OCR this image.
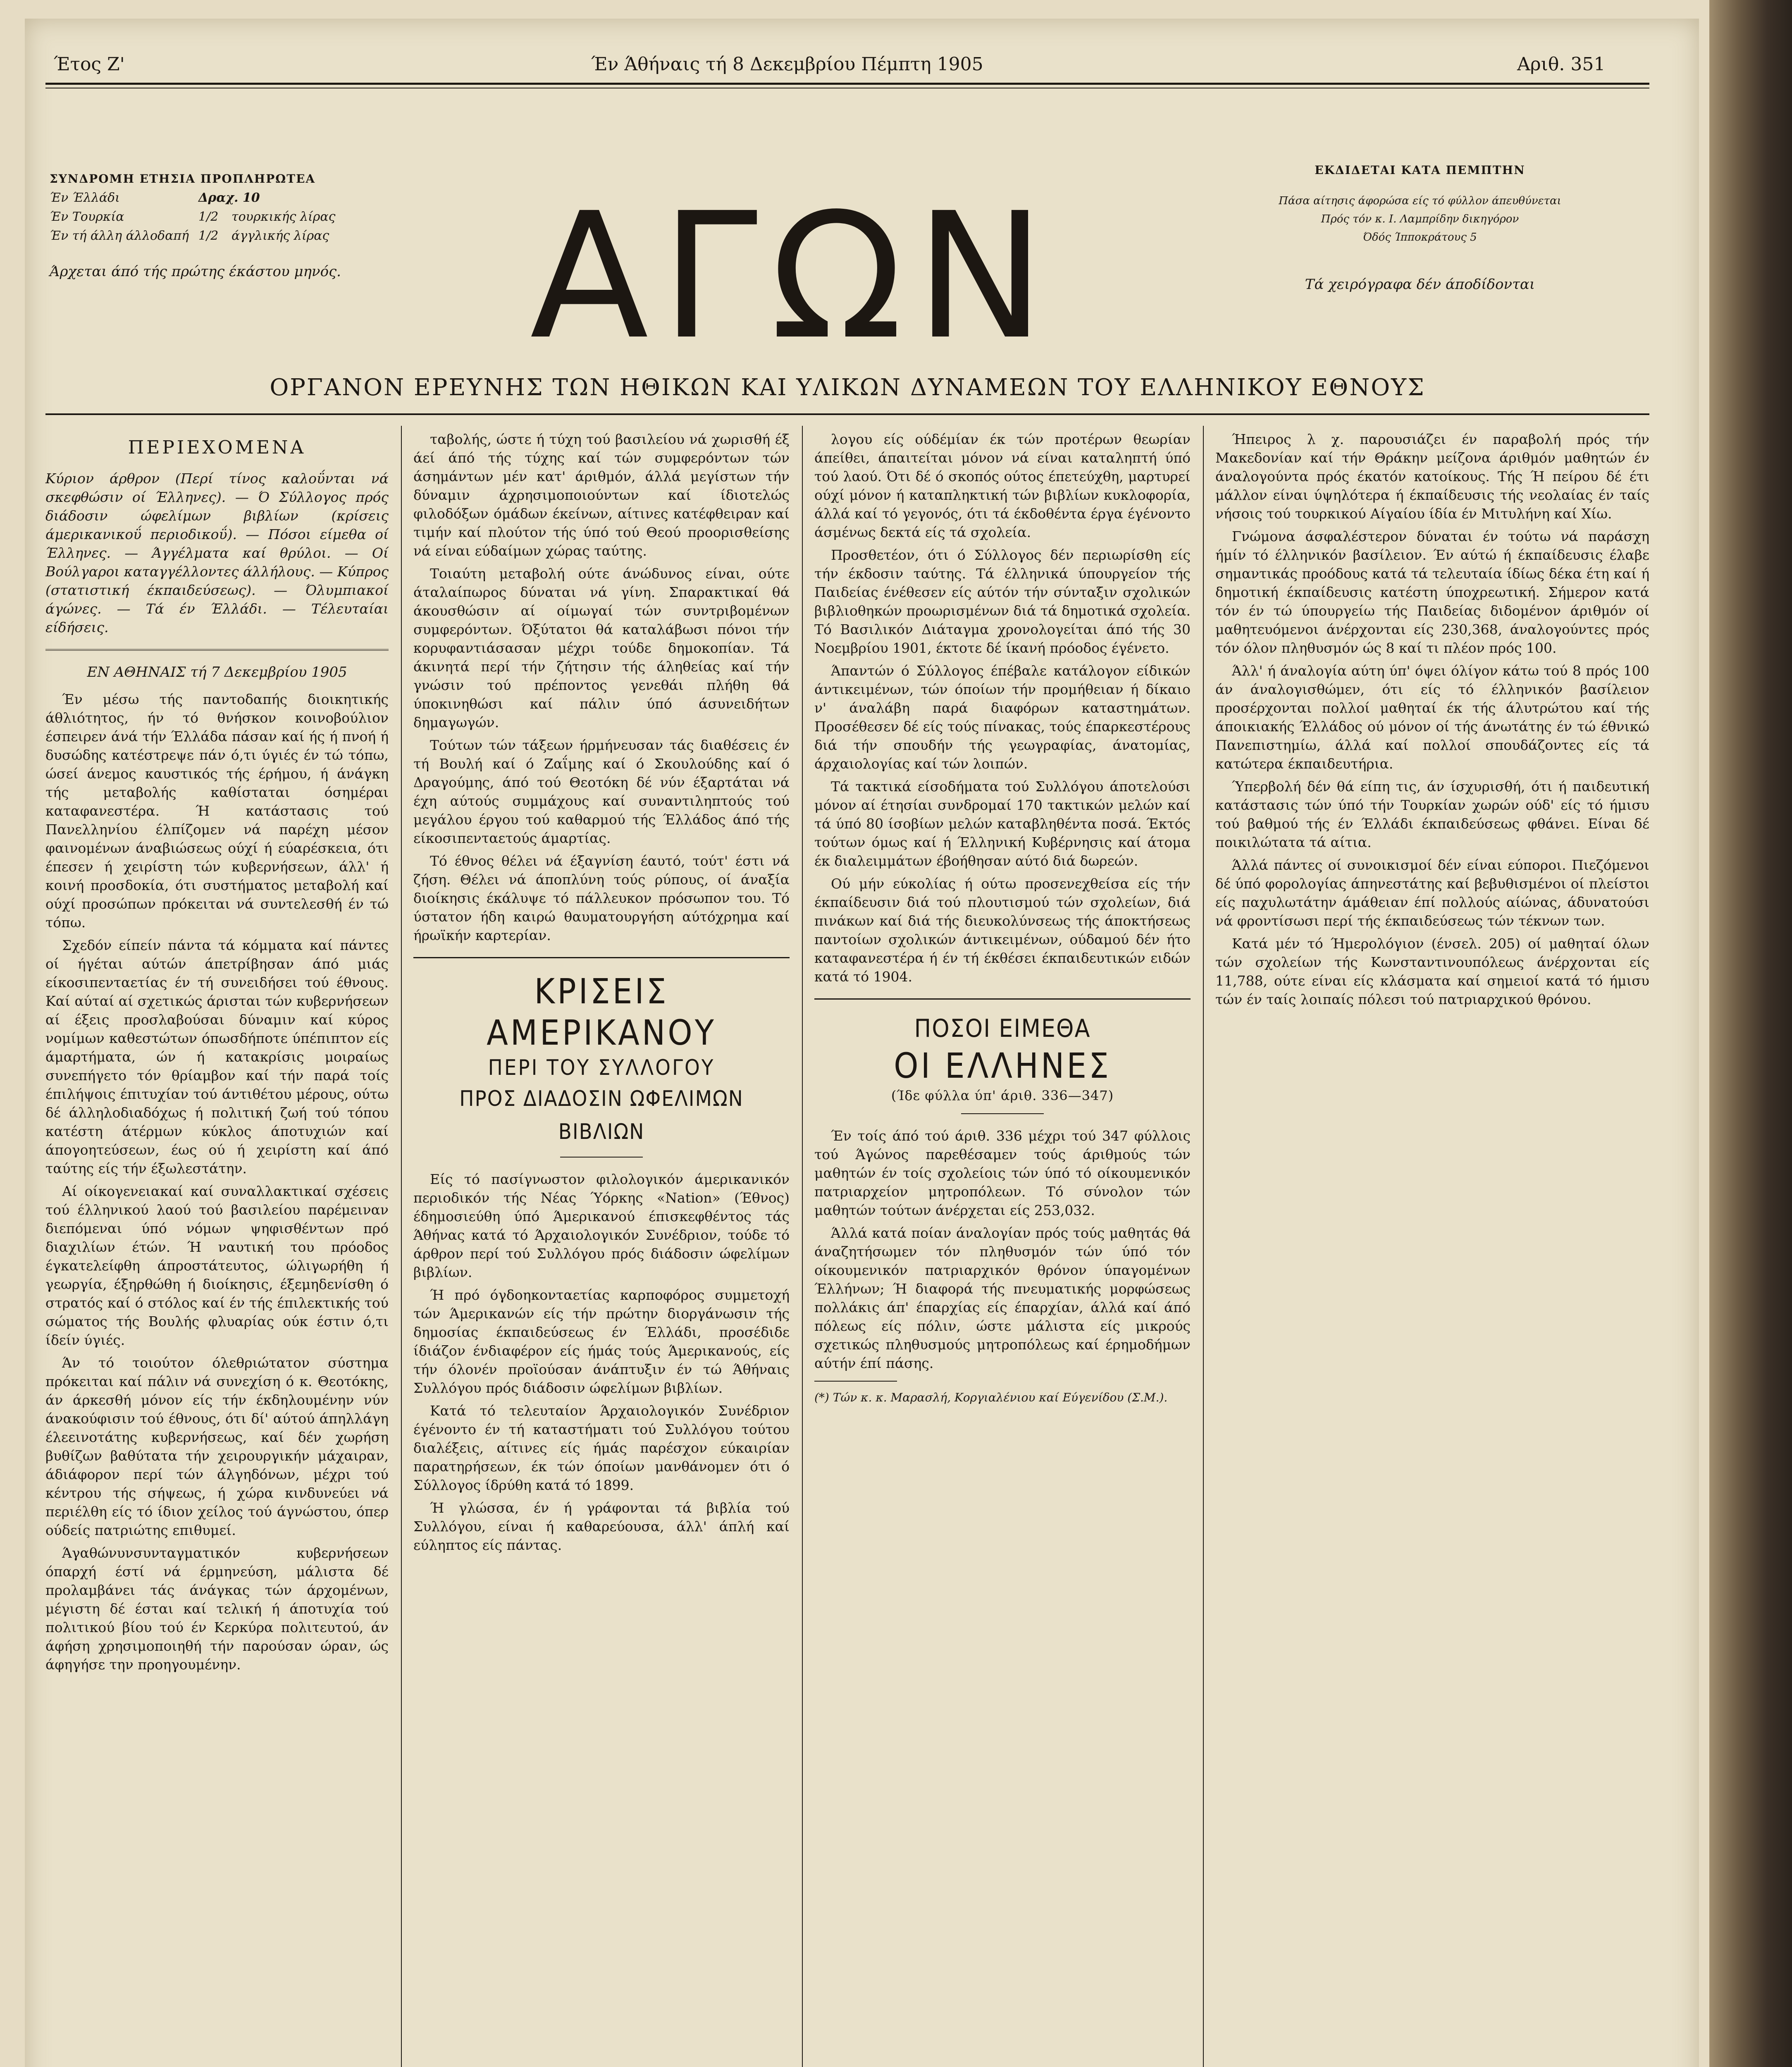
Έτος Ζ'	Έν Άθήναις τή 8 Δεκεμβρίου Πέμπτη 1905	Αριθ. 351
ΣΥΝΔΡΟΜΗ ΕΤΗΣΙΑ ΠΡΟΠΛΗΡΩΤΕΑ
Έν Έλλάδι	Δραχ. 10
Έν Τουρκία	1/2	τουρκικής λίρας
Έν τή άλλη άλλοδαπή 1/2	άγγλικής λίρας
Άρχεται άπό τής πρώτης έκάστου μηνός.	ΑΓΩΝ
ΕΚΔΙΔΕΤΑΙ ΚΑΤΑ ΠΕΜΠΤΗΝ
Πάσα αίτησις άφορώσα είς τό φύλλον άπευθύνεται
Πρός τόν κ. Ι. Λαμπρίδην δικηγόρον
Όδός Ίπποκράτους 5
Τά χειρόγραφα δέν άποδίδονται
ΟΡΓΑΝΟΝ ΕΡΕΥΝΗΣ ΤΩΝ ΗΘΙΚΩΝ ΚΑΙ ΥΛΙΚΩΝ ΔΥΝΑΜΕΩΝ ΤΟΥ ΕΛΛΗΝΙΚΟΥ ΕΘΝΟΥΣ
ΠΕΡΙΕΧΟΜΕΝΑ
Κύριον άρθρον (Περί τίνος καλοΰνται νά σκεφθώσιν οί Έλληνες). — Ό Σύλλογος πρός διάδοσιν ώφελίμων βιβλίων (κρίσεις άμερικανικοΰ περιοδικοΰ). — Πόσοι είμεθα οί Έλληνες. — Άγγέλματα καί θρύλοι. — Οί Βούλγαροι καταγγέλλοντες άλλήλους. — Κύπρος (στατιστική έκπαιδεύσεως). — Όλυμπιακοί άγώνες. — Τά έν Έλλάδι. — Τέλευταίαι είδήσεις.
ΕΝ ΑΘΗΝΑΙΣ τή 7 Δεκεμβρίου 1905

Έν μέσω τής παντοδαπής διοικητικής άθλιότητος, ήν τό θνήσκον κοινοβούλιον έσπειρεν άνά τήν Έλλάδα πάσαν καί ής ή πνοή ή δυσώδης κατέστρεψε πάν ό,τι ύγιές έν τώ τόπω, ώσεί άνεμος καυστικός τής έρήμου, ή άνάγκη τής μεταβολής καθίσταται όσημέραι καταφανεστέρα. Ή κατάστασις τού Πανελληνίου έλπίζομεν νά παρέχη μέσον φαινομένων άναβιώσεως ούχί ή εύαρέσκεια, ότι έπεσεν ή χειρίστη τών κυβερνήσεων, άλλ' ή κοινή προσδοκία, ότι συστήματος μεταβολή καί ούχί προσώπων πρόκειται νά συντελεσθή έν τώ τόπω.

Σχεδόν είπείν πάντα τά κόμματα καί πάντες οί ήγέται αύτών άπετρίβησαν άπό μιάς είκοσιπενταετίας έν τή συνειδήσει τού έθνους. Καί αύταί αί σχετικώς άρισται τών κυβερνήσεων αί έξεις προσλαβούσαι δύναμιν καί κύρος νομίμων καθεστώτων όπωσδήποτε ύπέπιπτον είς άμαρτήματα, ών ή κατακρίσις μοιραίως συνεπήγετο τόν θρίαμβον καί τήν παρά τοίς έπιλήψοις έπιτυχίαν τού άντιθέτου μέρους, ούτω δέ άλληλοδιαδόχως ή πολιτική ζωή τού τόπου κατέστη άτέρμων κύκλος άποτυχιών καί άπογοητεύσεων, έως ού ή χειρίστη καί άπό ταύτης είς τήν έξωλεστάτην.

Αί οίκογενειακαί καί συναλλακτικαί σχέσεις τού έλληνικού λαού τού βασιλείου παρέμειναν διεπόμεναι ύπό νόμων ψηφισθέντων πρό διαχιλίων έτών. Ή ναυτική του πρόοδος έγκατελείφθη άπροστάτευτος, ώλιγωρήθη ή γεωργία, έξηρθώθη ή διοίκησις, έξεμηδενίσθη ό στρατός καί ό στόλος καί έν τής έπιλεκτικής τού σώματος τής Βουλής φλυαρίας ούκ έστιν ό,τι ίδείν ύγιές.

Άν τό τοιούτον όλεθριώτατον σύστημα πρόκειται καί πάλιν νά συνεχίση ό κ. Θεοτόκης, άν άρκεσθή μόνον είς τήν έκδηλουμένην νύν άνακούφισιν τού έθνους, ότι δί' αύτού άπηλλάγη έλεεινοτάτης κυβερνήσεως, καί δέν χωρήση βυθίζων βαθύτατα τήν χειρουργικήν μάχαιραν, άδιάφορον περί τών άλγηδόνων, μέχρι τού κέντρου τής σήψεως, ή χώρα κινδυνεύει νά περιέλθη είς τό ίδιον χείλος τού άγνώστου, όπερ ούδείς πατριώτης επιθυμεί.

Άγαθώνυνσυνταγματικόν κυβερνήσεων όπαρχή έστί νά έρμηνεύση, μάλιστα δέ προλαμβάνει τάς άνάγκας τών άρχομένων, μέγιστη δέ έσται καί τελική ή άποτυχία τού πολιτικού βίου τού έν Κερκύρα πολιτευτού, άν άφήση χρησιμοποιηθή τήν παρούσαν ώραν, ώς άφηγήσε την προηγουμένην.

ταβολής, ώστε ή τύχη τού βασιλείου νά χωρισθή έξ άεί άπό τής τύχης καί τών συμφερόντων τών άσημάντων μέν κατ' άριθμόν, άλλά μεγίστων τήν δύναμιν άχρησιμοποιούντων καί ίδιοτελώς φιλοδόξων όμάδων έκείνων, αίτινες κατέφθειραν καί τιμήν καί πλούτον τής ύπό τού Θεού προορισθείσης νά είναι εύδαίμων χώρας ταύτης.

Τοιαύτη μεταβολή ούτε άνώδυνος είναι, ούτε άταλαίπωρος δύναται νά γίνη. Σπαρακτικαί θά άκουσθώσιν αί οίμωγαί τών συντριβομένων συμφερόντων. Όξύτατοι θά καταλάβωσι πόνοι τήν κορυφαντιάσασαν μέχρι τούδε δημοκοπίαν. Τά άκινητά περί τήν ζήτησιν τής άληθείας καί τήν γνώσιν τού πρέποντος γενεθάι πλήθη θά ύποκινηθώσι καί πάλιν ύπό άσυνειδήτων δημαγωγών.

Τούτων τών τάξεων ήρμήνευσαν τάς διαθέσεις έν τή Βουλή καί ό Ζαΐμης καί ό Σκουλούδης καί ό Δραγούμης, άπό τού Θεοτόκη δέ νύν έξαρτάται νά έχη αύτούς συμμάχους καί συναντιληπτούς τού μεγάλου έργου τού καθαρμού τής Έλλάδος άπό τής είκοσιπενταετούς άμαρτίας.

Τό έθνος θέλει νά έξαγνίση έαυτό, τούτ' έστι νά ζήση. Θέλει νά άποπλύνη τούς ρύπους, οί άναξία διοίκησις έκάλυψε τό πάλλευκον πρόσωπον του. Τό ύστατον ήδη καιρώ θαυματουργήση αύτόχρημα καί ήρωϊκήν καρτερίαν.

ΚΡΙΣΕΙΣ ΑΜΕΡΙΚΑΝΟΥ
ΠΕΡΙ ΤΟΥ ΣΥΛΛΟΓΟΥ
ΠΡΟΣ ΔΙΑΔΟΣΙΝ ΩΦΕΛΙΜΩΝ ΒΙΒΛΙΩΝ

Είς τό πασίγνωστον φιλολογικόν άμερικανικόν περιοδικόν τής Νέας Ύόρκης «Nation» (Έθνος) έδημοσιεύθη ύπό Άμερικανού έπισκεφθέντος τάς Άθήνας κατά τό Άρχαιολογικόν Συνέδριον, τούδε τό άρθρον περί τού Συλλόγου πρός διάδοσιν ώφελίμων βιβλίων.

Ή πρό όγδοηκονταετίας καρποφόρος συμμετοχή τών Άμερικανών είς τήν πρώτην διοργάνωσιν τής δημοσίας έκπαιδεύσεως έν Έλλάδι, προσέδιδε ίδιάζον ένδιαφέρον είς ήμάς τούς Άμερικανούς, είς τήν όλονέν προϊούσαν άνάπτυξιν έν τώ Άθήναις Συλλόγου πρός διάδοσιν ώφελίμων βιβλίων.

Κατά τό τελευταίον Άρχαιολογικόν Συνέδριον έγένοντο έν τή καταστήματι τού Συλλόγου τούτου διαλέξεις, αίτινες είς ήμάς παρέσχον εύκαιρίαν παρατηρήσεων, έκ τών όποίων μανθάνομεν ότι ό Σύλλογος ίδρύθη κατά τό 1899.

Ή γλώσσα, έν ή γράφονται τά βιβλία τού Συλλόγου, είναι ή καθαρεύουσα, άλλ' άπλή καί εύληπτος είς πάντας.

λογου είς ούδέμίαν έκ τών προτέρων θεωρίαν άπείθει, άπαιτείται μόνον νά είναι καταληπτή ύπό τού λαού. Ότι δέ ό σκοπός ούτος έπετεύχθη, μαρτυρεί ούχί μόνον ή καταπληκτική τών βιβλίων κυκλοφορία, άλλά καί τό γεγονός, ότι τά έκδοθέντα έργα έγένοντο άσμένως δεκτά είς τά σχολεία.

Προσθετέον, ότι ό Σύλλογος δέν περιωρίσθη είς τήν έκδοσιν ταύτης. Τά έλληνικά ύπουργείον τής Παιδείας ένέθεσεν είς αύτόν τήν σύνταξιν σχολικών βιβλιοθηκών προωρισμένων διά τά δημοτικά σχολεία. Τό Βασιλικόν Διάταγμα χρονολογείται άπό τής 30 Νοεμβρίου 1901, έκτοτε δέ ίκανή πρόοδος έγένετο.

Άπαντών ό Σύλλογος έπέβαλε κατάλογον είδικών άντικειμένων, τών όποίων τήν προμήθειαν ή δίκαιο ν' άναλάβη παρά διαφόρων καταστημάτων. Προσέθεσεν δέ είς τούς πίνακας, τούς έπαρκεστέρους διά τήν σπουδήν τής γεωγραφίας, άνατομίας, άρχαιολογίας καί τών λοιπών.

Τά τακτικά είσοδήματα τού Συλλόγου άποτελούσι μόνον αί έτησίαι συνδρομαί 170 τακτικών μελών καί τά ύπό 80 ίσοβίων μελών καταβληθέντα ποσά. Έκτός τούτων όμως καί ή Έλληνική Κυβέρνησις καί άτομα έκ διαλειμμάτων έβοήθησαν αύτό διά δωρεών.

Ού μήν εύκολίας ή ούτω προσενεχθείσα είς τήν έκπαίδευσιν διά τού πλουτισμού τών σχολείων, διά πινάκων καί διά τής διευκολύνσεως τής άποκτήσεως παντοίων σχολικών άντικειμένων, ούδαμού δέν ήτο καταφανεστέρα ή έν τή έκθέσει έκπαιδευτικών ειδών κατά τό 1904.

ΠΟΣΟΙ ΕΙΜΕΘΑ
ΟΙ ΕΛΛΗΝΕΣ
(Ίδε φύλλα ύπ' άριθ. 336—347)

Έν τοίς άπό τού άριθ. 336 μέχρι τού 347 φύλλοις τού Άγώνος παρεθέσαμεν τούς άριθμούς τών μαθητών έν τοίς σχολείοις τών ύπό τό οίκουμενικόν πατριαρχείον μητροπόλεων. Τό σύνολον τών μαθητών τούτων άνέρχεται είς 253,032.

Άλλά κατά ποίαν άναλογίαν πρός τούς μαθητάς θά άναζητήσωμεν τόν πληθυσμόν τών ύπό τόν οίκουμενικόν πατριαρχικόν θρόνον ύπαγομένων Έλλήνων; Ή διαφορά τής πνευματικής μορφώσεως πολλάκις άπ' έπαρχίας είς έπαρχίαν, άλλά καί άπό πόλεως είς πόλιν, ώστε μάλιστα είς μικρούς σχετικώς πληθυσμούς μητροπόλεως καί έρημοδήμων αύτήν έπί πάσης.

(*) Τών κ. κ. Μαρασλή, Κοργιαλένιου καί Εύγενίδου (Σ.Μ.).

Ήπειρος λ χ. παρουσιάζει έν παραβολή πρός τήν Μακεδονίαν καί τήν Θράκην μείζονα άριθμόν μαθητών έν άναλογούντα πρός έκατόν κατοίκους. Τής Ή πείρου δέ έτι μάλλον είναι ύψηλότερα ή έκπαίδευσις τής νεολαίας έν ταίς νήσοις τού τουρκικού Αίγαίου ίδία έν Μιτυλήνη καί Χίω.

Γνώμονα άσφαλέστερον δύναται έν τούτω νά παράσχη ήμίν τό έλληνικόν βασίλειον. Έν αύτώ ή έκπαίδευσις έλαβε σημαντικάς προόδους κατά τά τελευταία ίδίως δέκα έτη καί ή δημοτική έκπαίδευσις κατέστη ύποχρεωτική. Σήμερον κατά τόν έν τώ ύπουργείω τής Παιδείας διδομένον άριθμόν οί μαθητευόμενοι άνέρχονται είς 230,368, άναλογούντες πρός τόν όλον πληθυσμόν ώς 8 καί τι πλέον πρός 100.

Άλλ' ή άναλογία αύτη ύπ' όψει όλίγον κάτω τού 8 πρός 100 άν άναλογισθώμεν, ότι είς τό έλληνικόν βασίλειον προσέρχονται πολλοί μαθηταί έκ τής άλυτρώτου καί τής άποικιακής Έλλάδος ού μόνον οί τής άνωτάτης έν τώ έθνικώ Πανεπιστημίω, άλλά καί πολλοί σπουδάζοντες είς τά κατώτερα έκπαιδευτήρια.

Ύπερβολή δέν θά είπη τις, άν ίσχυρισθή, ότι ή παιδευτική κατάστασις τών ύπό τήν Τουρκίαν χωρών ούδ' είς τό ήμισυ τού βαθμού τής έν Έλλάδι έκπαιδεύσεως φθάνει. Είναι δέ ποικιλώτατα τά αίτια.

Άλλά πάντες οί συνοικισμοί δέν είναι εύποροι. Πιεζόμενοι δέ ύπό φορολογίας άπηνεστάτης καί βεβυθισμένοι οί πλείστοι είς παχυλωτάτην άμάθειαν έπί πολλούς αίώνας, άδυνατούσι νά φροντίσωσι περί τής έκπαιδεύσεως τών τέκνων των.

Κατά μέν τό Ήμερολόγιον (ένσελ. 205) οί μαθηταί όλων τών σχολείων τής Κωνσταντινουπόλεως άνέρχονται είς 11,788, ούτε είναι είς κλάσματα καί σημειοί κατά τό ήμισυ τών έν ταίς λοιπαίς πόλεσι τού πατριαρχικού θρόνου.
